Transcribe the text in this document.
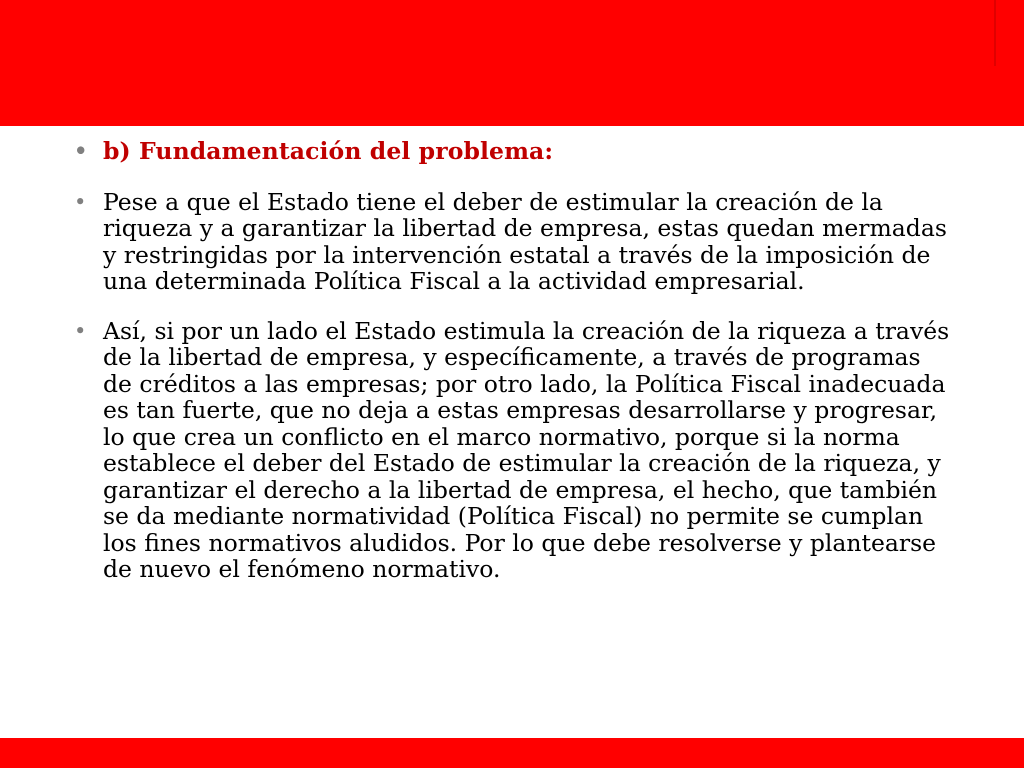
• b) Fundamentación del problema:
• Pese a que el Estado tiene el deber de estimular la creación de la riqueza y a garantizar la libertad de empresa, estas quedan mermadas y restringidas por la intervención estatal a través de la imposición de una determinada Política Fiscal a la actividad empresarial.
• Así, si por un lado el Estado estimula la creación de la riqueza a través de la libertad de empresa, y específicamente, a través de programas de créditos a las empresas; por otro lado, la Política Fiscal inadecuada es tan fuerte, que no deja a estas empresas desarrollarse y progresar, lo que crea un conflicto en el marco normativo, porque si la norma establece el deber del Estado de estimular la creación de la riqueza, y garantizar el derecho a la libertad de empresa, el hecho, que también se da mediante normatividad (Política Fiscal) no permite se cumplan los fines normativos aludidos. Por lo que debe resolverse y plantearse de nuevo el fenómeno normativo.
